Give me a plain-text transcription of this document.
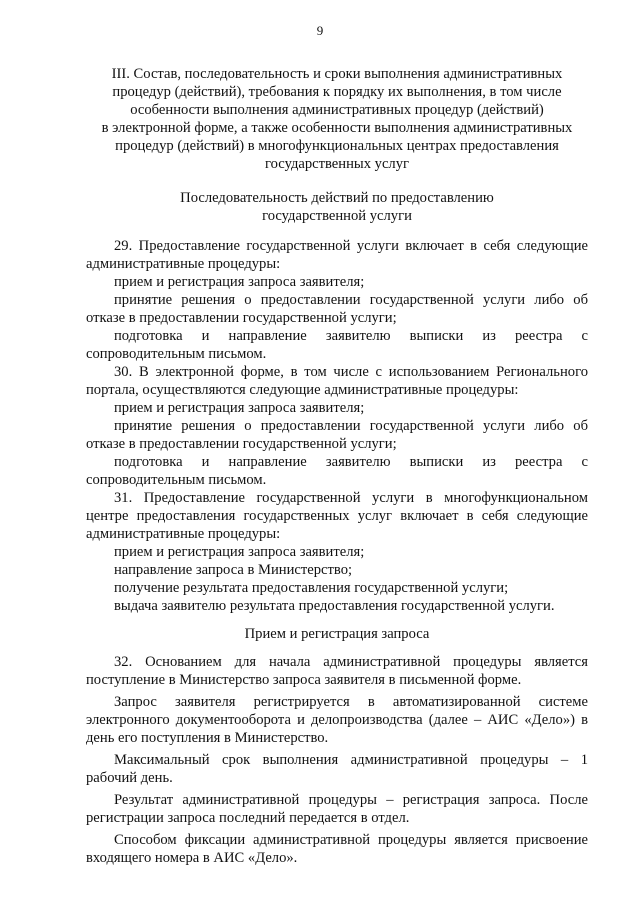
9
III. Состав, последовательность и сроки выполнения административных
процедур (действий), требования к порядку их выполнения, в том числе
особенности выполнения административных процедур (действий)
в электронной форме, а также особенности выполнения административных
процедур (действий) в многофункциональных центрах предоставления
государственных услуг
Последовательность действий по предоставлению
государственной услуги

29. Предоставление государственной услуги включает в себя следующие административные процедуры:

прием и регистрация запроса заявителя;

принятие решения о предоставлении государственной услуги либо об отказе в предоставлении государственной услуги;

подготовка и направление заявителю выписки из реестра с сопроводительным письмом.

30. В электронной форме, в том числе с использованием Регионального портала, осуществляются следующие административные процедуры:

прием и регистрация запроса заявителя;

принятие решения о предоставлении государственной услуги либо об отказе в предоставлении государственной услуги;

подготовка и направление заявителю выписки из реестра с сопроводительным письмом.

31. Предоставление государственной услуги в многофункциональном центре предоставления государственных услуг включает в себя следующие административные процедуры:

прием и регистрация запроса заявителя;

направление запроса в Министерство;

получение результата предоставления государственной услуги;

выдача заявителю результата предоставления государственной услуги.

Прием и регистрация запроса

32. Основанием для начала административной процедуры является поступление в Министерство запроса заявителя в письменной форме.

Запрос заявителя регистрируется в автоматизированной системе электронного документооборота и делопроизводства (далее – АИС «Дело») в день его поступления в Министерство.

Максимальный срок выполнения административной процедуры – 1 рабочий день.

Результат административной процедуры – регистрация запроса. После регистрации запроса последний передается в отдел.

Способом фиксации административной процедуры является присвоение входящего номера в АИС «Дело».
